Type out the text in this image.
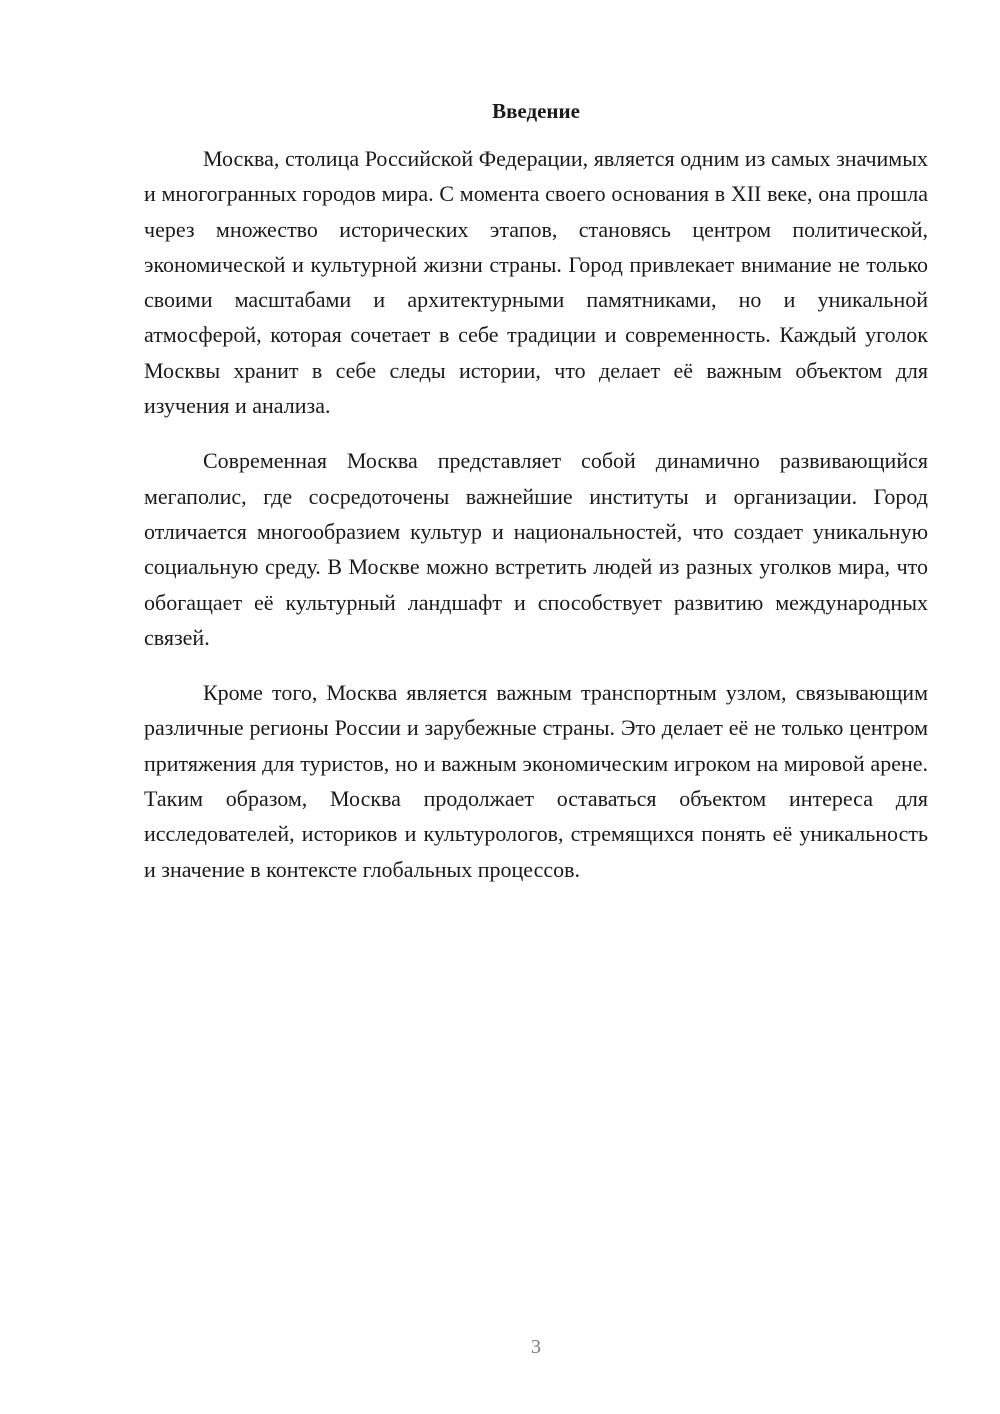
Введение

Москва, столица Российской Федерации, является одним из самых значимых и многогранных городов мира. С момента своего основания в XII веке, она прошла через множество исторических этапов, становясь центром политической, экономической и культурной жизни страны. Город привлекает внимание не только своими масштабами и архитектурными памятниками, но и уникальной атмосферой, которая сочетает в себе традиции и современность. Каждый уголок Москвы хранит в себе следы истории, что делает её важным объектом для изучения и анализа.

Современная Москва представляет собой динамично развивающийся мегаполис, где сосредоточены важнейшие институты и организации. Город отличается многообразием культур и национальностей, что создает уникальную социальную среду. В Москве можно встретить людей из разных уголков мира, что обогащает её культурный ландшафт и способствует развитию международных связей.

Кроме того, Москва является важным транспортным узлом, связывающим различные регионы России и зарубежные страны. Это делает её не только центром притяжения для туристов, но и важным экономическим игроком на мировой арене. Таким образом, Москва продолжает оставаться объектом интереса для исследователей, историков и культурологов, стремящихся понять её уникальность и значение в контексте глобальных процессов.

3
